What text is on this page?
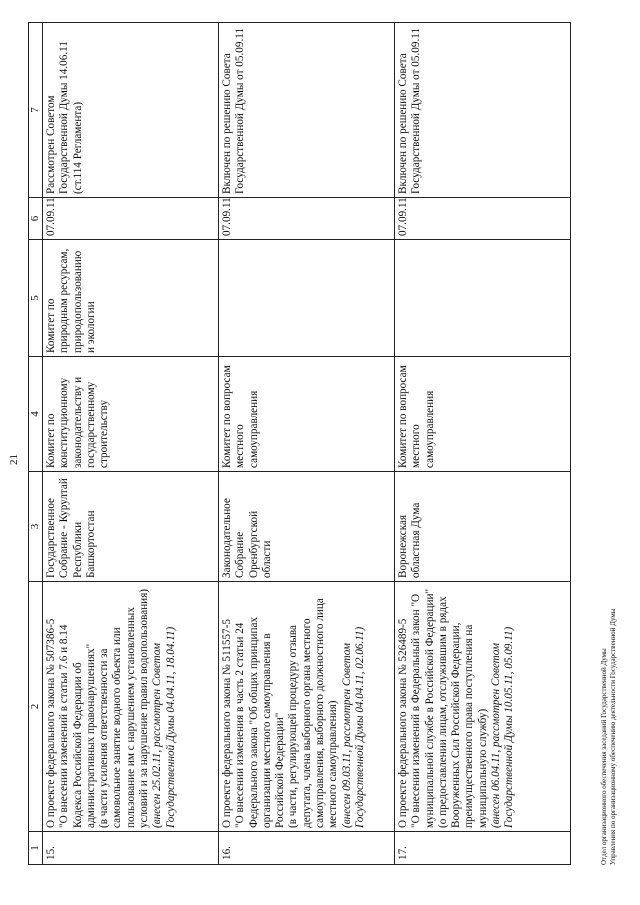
21
1	2	3	4	5	6	7
15.	О проекте федерального закона № 507386-5 "О внесении изменений в статьи 7.6 и 8.14 Кодекса Российской Федерации об административных правонарушениях" (в части усиления ответственности за самовольное занятие водного объекта или пользование им с нарушением установленных условий и за нарушение правил водопользования) (внесен 25.02.11, рассмотрен Советом Государственной Думы 04.04.11, 18.04.11)	Государственное Собрание - Курултай Республики Башкортостан	Комитет по конституционному законодательству и государственному строительству	Комитет по природным ресурсам, природопользованию и экологии	07.09.11	Рассмотрен Советом Государственной Думы 14.06.11 (ст.114 Регламента)
16.	О проекте федерального закона № 511557-5 "О внесении изменения в часть 2 статьи 24 Федерального закона "Об общих принципах организации местного самоуправления в Российской Федерации" (в части, регулирующей процедуру отзыва депутата, члена выборного органа местного самоуправления, выборного должностного лица местного самоуправления) (внесен 09.03.11, рассмотрен Советом Государственной Думы 04.04.11, 02.06.11)	Законодательное Собрание Оренбургской области	Комитет по вопросам местного самоуправления		07.09.11	Включен по решению Совета Государственной Думы от 05.09.11
17.	О проекте федерального закона № 526489-5 "О внесении изменений в Федеральный закон "О муниципальной службе в Российской Федерации" (о предоставлении лицам, отслужившим в рядах Вооруженных Сил Российской Федерации, преимущественного права поступления на муниципальную службу) (внесен 06.04.11, рассмотрен Советом Государственной Думы 10.05.11, 05.09.11)	Воронежская областная Дума	Комитет по вопросам местного самоуправления		07.09.11	Включен по решению Совета Государственной Думы от 05.09.11
Отдел организационного обеспечения заседаний Государственной Думы Управления по организационному обеспечению деятельности Государственной Думы
